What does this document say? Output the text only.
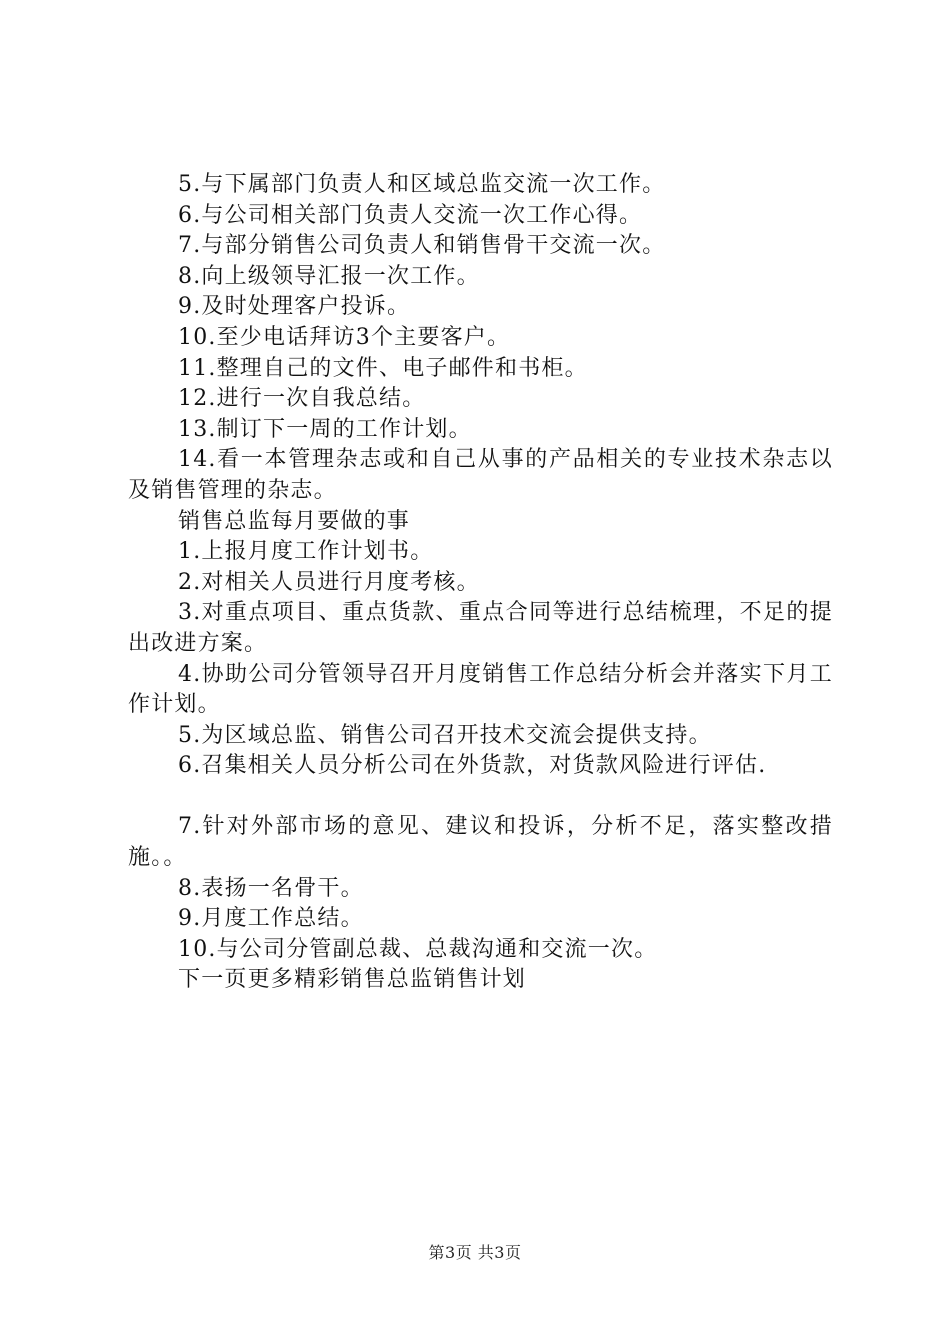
5.与下属部门负责人和区域总监交流一次工作。

6.与公司相关部门负责人交流一次工作心得。

7.与部分销售公司负责人和销售骨干交流一次。

8.向上级领导汇报一次工作。

9.及时处理客户投诉。

10.至少电话拜访3个主要客户。

11.整理自己的文件、电子邮件和书柜。

12.进行一次自我总结。

13.制订下一周的工作计划。

14.看一本管理杂志或和自己从事的产品相关的专业技术杂志以及销售管理的杂志。

销售总监每月要做的事

1.上报月度工作计划书。

2.对相关人员进行月度考核。

3.对重点项目、重点货款、重点合同等进行总结梳理，不足的提出改进方案。

4.协助公司分管领导召开月度销售工作总结分析会并落实下月工作计划。

5.为区域总监、销售公司召开技术交流会提供支持。

6.召集相关人员分析公司在外货款，对货款风险进行评估.

7.针对外部市场的意见、建议和投诉，分析不足，落实整改措施。。

8.表扬一名骨干。

9.月度工作总结。

10.与公司分管副总裁、总裁沟通和交流一次。

下一页更多精彩销售总监销售计划

第3页 共3页
